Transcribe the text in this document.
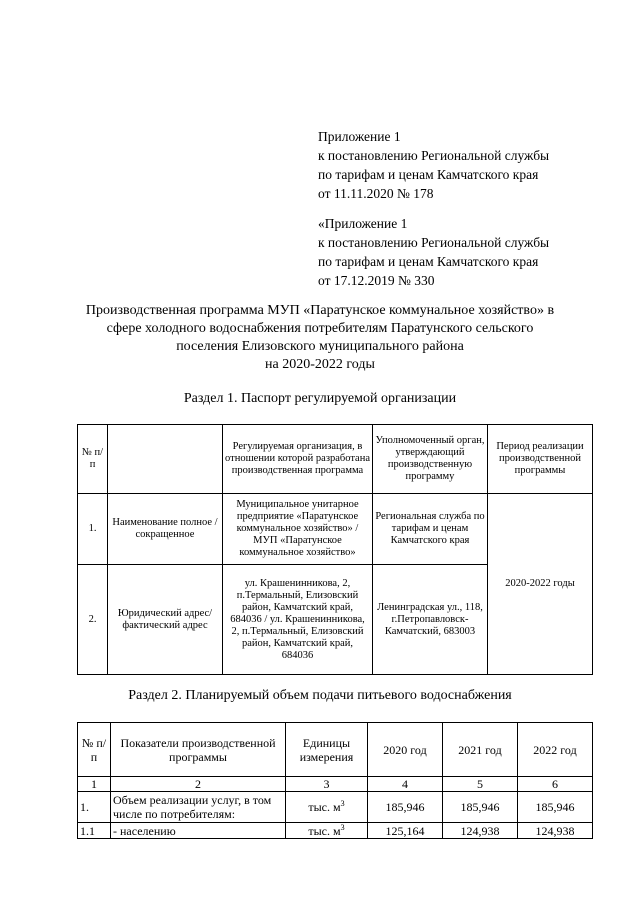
Приложение 1
к постановлению Региональной службы
по тарифам и ценам Камчатского края
от 11.11.2020 № 178
«Приложение 1
к постановлению Региональной службы
по тарифам и ценам Камчатского края
от 17.12.2019 № 330
Производственная программа МУП «Паратунское коммунальное хозяйство» в
сфере холодного водоснабжения потребителям Паратунского сельского
поселения Елизовского муниципального района
на 2020-2022 годы
Раздел 1. Паспорт регулируемой организации
№ п/п		Регулируемая организация, в отношении которой разработана производственная программа	Уполномоченный орган, утверждающий производственную программу	Период реализации производственной программы
1.	Наименование полное / сокращенное	Муниципальное унитарное предприятие «Паратунское коммунальное хозяйство» / МУП «Паратунское коммунальное хозяйство»	Региональная служба по тарифам и ценам Камчатского края	2020-2022 годы
2.	Юридический адрес/фактический адрес	ул. Крашенинникова, 2, п.Термальный, Елизовский район, Камчатский край, 684036 / ул. Крашенинникова, 2, п.Термальный, Елизовский район, Камчатский край, 684036	Ленинградская ул., 118, г.Петропавловск-Камчатский, 683003	
Раздел 2. Планируемый объем подачи питьевого водоснабжения
№ п/п	Показатели производственной программы	Единицы измерения	2020 год	2021 год	2022 год
1	2	3	4	5	6
1.	Объем реализации услуг, в том числе по потребителям:	тыс. $м^3$	185,946	185,946	185,946
1.1	- населению	тыс. $м^3$	125,164	124,938	124,938
